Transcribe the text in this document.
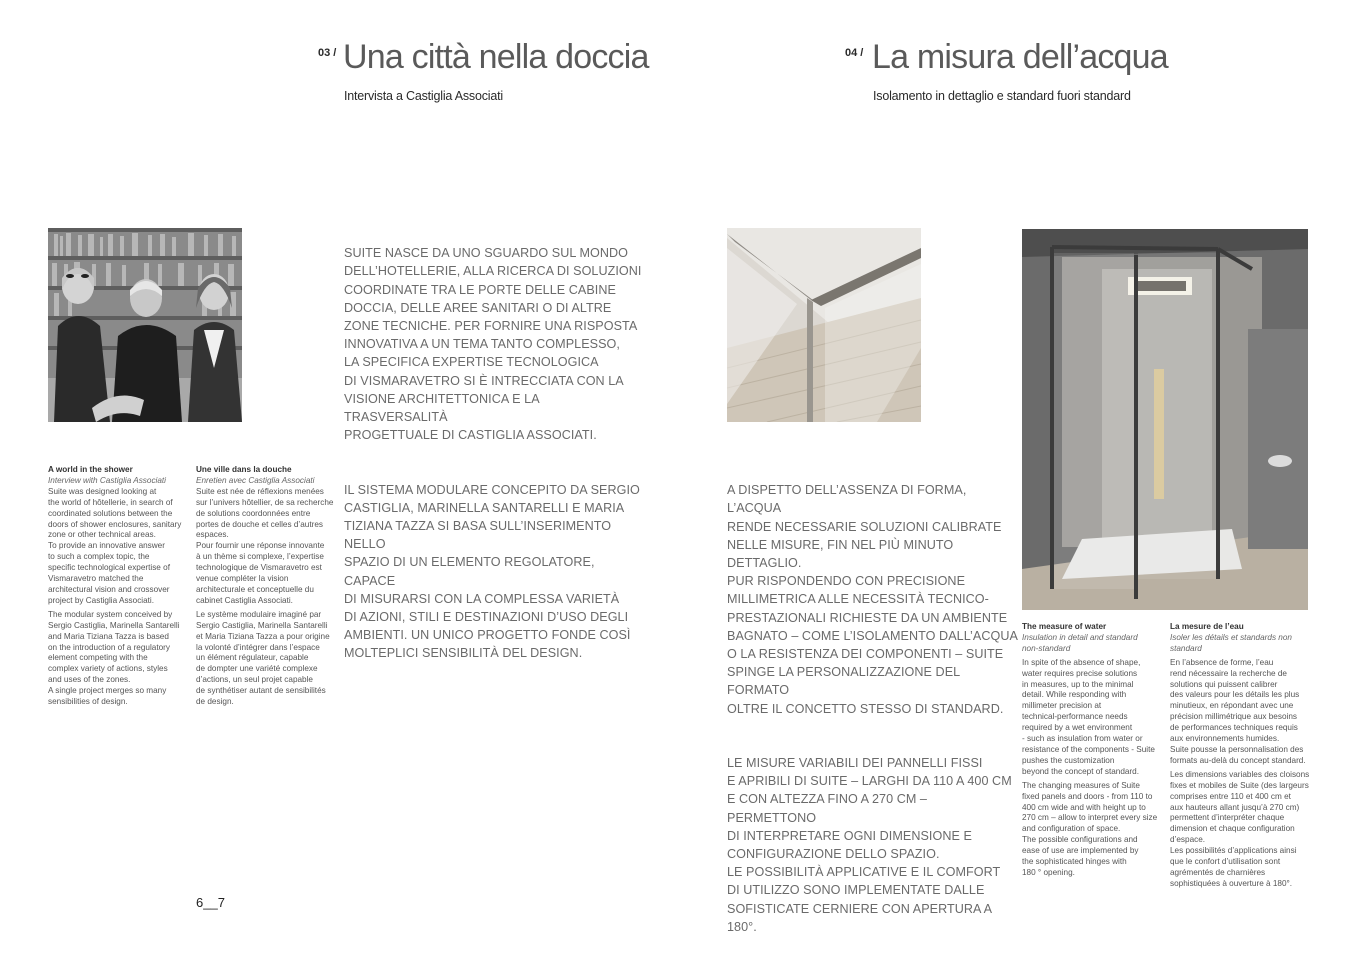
03 / Una città nella doccia
Intervista a Castiglia Associati
04 / La misura dell’acqua
Isolamento in dettaglio e standard fuori standard

SUITE NASCE DA UNO SGUARDO SUL MONDO
DELL’HOTELLERIE, ALLA RICERCA DI SOLUZIONI
COORDINATE TRA LE PORTE DELLE CABINE
DOCCIA, DELLE AREE SANITARI O DI ALTRE
ZONE TECNICHE. PER FORNIRE UNA RISPOSTA
INNOVATIVA A UN TEMA TANTO COMPLESSO,
LA SPECIFICA EXPERTISE TECNOLOGICA
DI VISMARAVETRO SI È INTRECCIATA CON LA
VISIONE ARCHITETTONICA E LA TRASVERSALITÀ
PROGETTUALE DI CASTIGLIA ASSOCIATI.

IL SISTEMA MODULARE CONCEPITO DA SERGIO
CASTIGLIA, MARINELLA SANTARELLI E MARIA
TIZIANA TAZZA SI BASA SULL’INSERIMENTO NELLO
SPAZIO DI UN ELEMENTO REGOLATORE, CAPACE
DI MISURARSI CON LA COMPLESSA VARIETÀ
DI AZIONI, STILI E DESTINAZIONI D’USO DEGLI
AMBIENTI. UN UNICO PROGETTO FONDE COSÌ
MOLTEPLICI SENSIBILITÀ DEL DESIGN.

A world in the shower
Interview with Castiglia Associati

Suite was designed looking at
the world of hôtellerie, in search of
coordinated solutions between the
doors of shower enclosures, sanitary
zone or other technical areas.
To provide an innovative answer
to such a complex topic, the
specific technological expertise of
Vismaravetro matched the
architectural vision and crossover
project by Castiglia Associati.

The modular system conceived by
Sergio Castiglia, Marinella Santarelli
and Maria Tiziana Tazza is based
on the introduction of a regulatory
element competing with the
complex variety of actions, styles
and uses of the zones.
A single project merges so many
sensibilities of design.

Une ville dans la douche
Enretien avec Castiglia Associati

Suite est née de réflexions menées
sur l’univers hôtellier, de sa recherche
de solutions coordonnées entre
portes de douche et celles d’autres
espaces.
Pour fournir une réponse innovante
à un thème si complexe, l’expertise
technologique de Vismaravetro est
venue compléter la vision
architecturale et conceptuelle du
cabinet Castiglia Associati.

Le système modulaire imaginé par
Sergio Castiglia, Marinella Santarelli
et Maria Tiziana Tazza a pour origine
la volonté d’intégrer dans l’espace
un élément régulateur, capable
de dompter une variété complexe
d’actions, un seul projet capable
de synthétiser autant de sensibilités
de design.

6__7

A DISPETTO DELL’ASSENZA DI FORMA, L’ACQUA
RENDE NECESSARIE SOLUZIONI CALIBRATE
NELLE MISURE, FIN NEL PIÙ MINUTO DETTAGLIO.
PUR RISPONDENDO CON PRECISIONE
MILLIMETRICA ALLE NECESSITÀ TECNICO-
PRESTAZIONALI RICHIESTE DA UN AMBIENTE
BAGNATO – COME L’ISOLAMENTO DALL’ACQUA
O LA RESISTENZA DEI COMPONENTI – SUITE
SPINGE LA PERSONALIZZAZIONE DEL FORMATO
OLTRE IL CONCETTO STESSO DI STANDARD.

LE MISURE VARIABILI DEI PANNELLI FISSI
E APRIBILI DI SUITE – LARGHI DA 110 A 400 CM
E CON ALTEZZA FINO A 270 CM – PERMETTONO
DI INTERPRETARE OGNI DIMENSIONE E
CONFIGURAZIONE DELLO SPAZIO.
LE POSSIBILITÀ APPLICATIVE E IL COMFORT
DI UTILIZZO SONO IMPLEMENTATE DALLE
SOFISTICATE CERNIERE CON APERTURA A 180°.

The measure of water
Insulation in detail and standard
non-standard

In spite of the absence of shape,
water requires precise solutions
in measures, up to the minimal
detail. While responding with
millimeter precision at
technical-performance needs
required by a wet environment
- such as insulation from water or
resistance of the components - Suite
pushes the customization
beyond the concept of standard.

The changing measures of Suite
fixed panels and doors - from 110 to
400 cm wide and with height up to
270 cm – allow to interpret every size
and configuration of space.
The possible configurations and
ease of use are implemented by
the sophisticated hinges with
180 ° opening.

La mesure de l’eau
Isoler les détails et standards non
standard

En l’absence de forme, l’eau
rend nécessaire la recherche de
solutions qui puissent calibrer
des valeurs pour les détails les plus
minutieux, en répondant avec une
précision millimétrique aux besoins
de performances techniques requis
aux environnements humides.
Suite pousse la personnalisation des
formats au-delà du concept standard.

Les dimensions variables des cloisons
fixes et mobiles de Suite (des largeurs
comprises entre 110 et 400 cm et
aux hauteurs allant jusqu’à 270 cm)
permettent d’interpréter chaque
dimension et chaque configuration
d’espace.
Les possibilités d’applications ainsi
que le confort d’utilisation sont
agrémentés de charnières
sophistiquées à ouverture à 180°.
